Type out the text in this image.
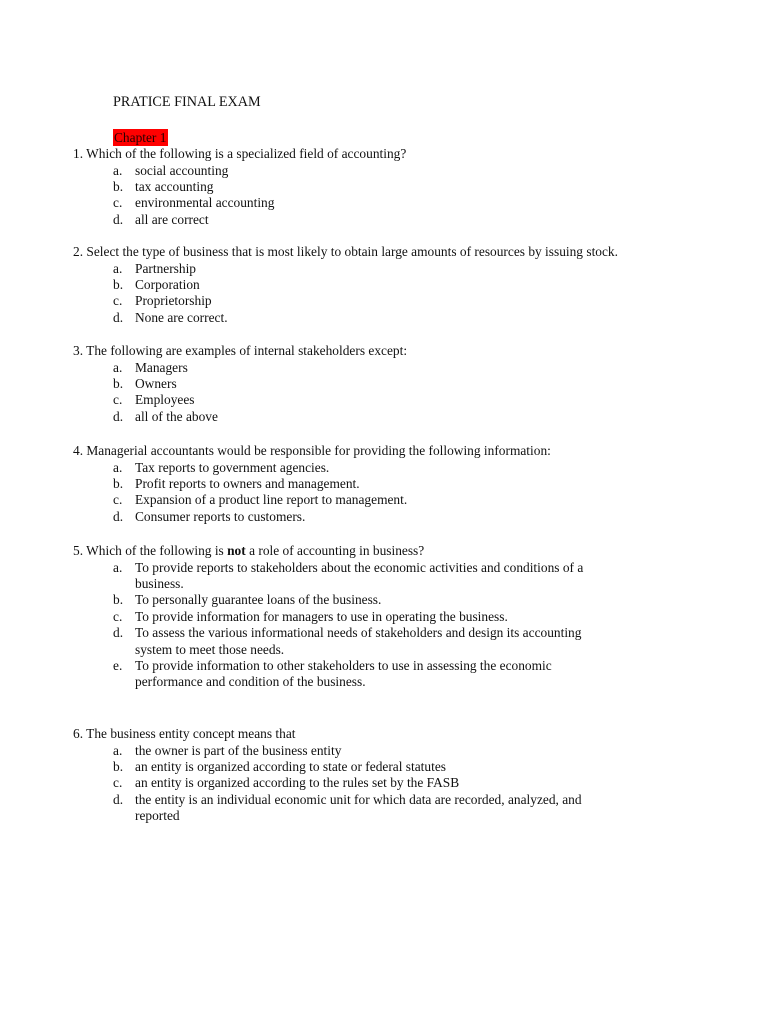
PRATICE FINAL EXAM
Chapter 1
1. Which of the following is a specialized field of accounting?
a. social accounting
b. tax accounting
c. environmental accounting
d. all are correct
2. Select the type of business that is most likely to obtain large amounts of resources by issuing stock.
a. Partnership
b. Corporation
c. Proprietorship
d. None are correct.
3. The following are examples of internal stakeholders except:
a. Managers
b. Owners
c. Employees
d. all of the above
4. Managerial accountants would be responsible for providing the following information:
a. Tax reports to government agencies.
b. Profit reports to owners and management.
c. Expansion of a product line report to management.
d. Consumer reports to customers.
5. Which of the following is not a role of accounting in business?
a. To provide reports to stakeholders about the economic activities and conditions of a business.
b. To personally guarantee loans of the business.
c. To provide information for managers to use in operating the business.
d. To assess the various informational needs of stakeholders and design its accounting system to meet those needs.
e. To provide information to other stakeholders to use in assessing the economic performance and condition of the business.
6. The business entity concept means that
a. the owner is part of the business entity
b. an entity is organized according to state or federal statutes
c. an entity is organized according to the rules set by the FASB
d. the entity is an individual economic unit for which data are recorded, analyzed, and reported
